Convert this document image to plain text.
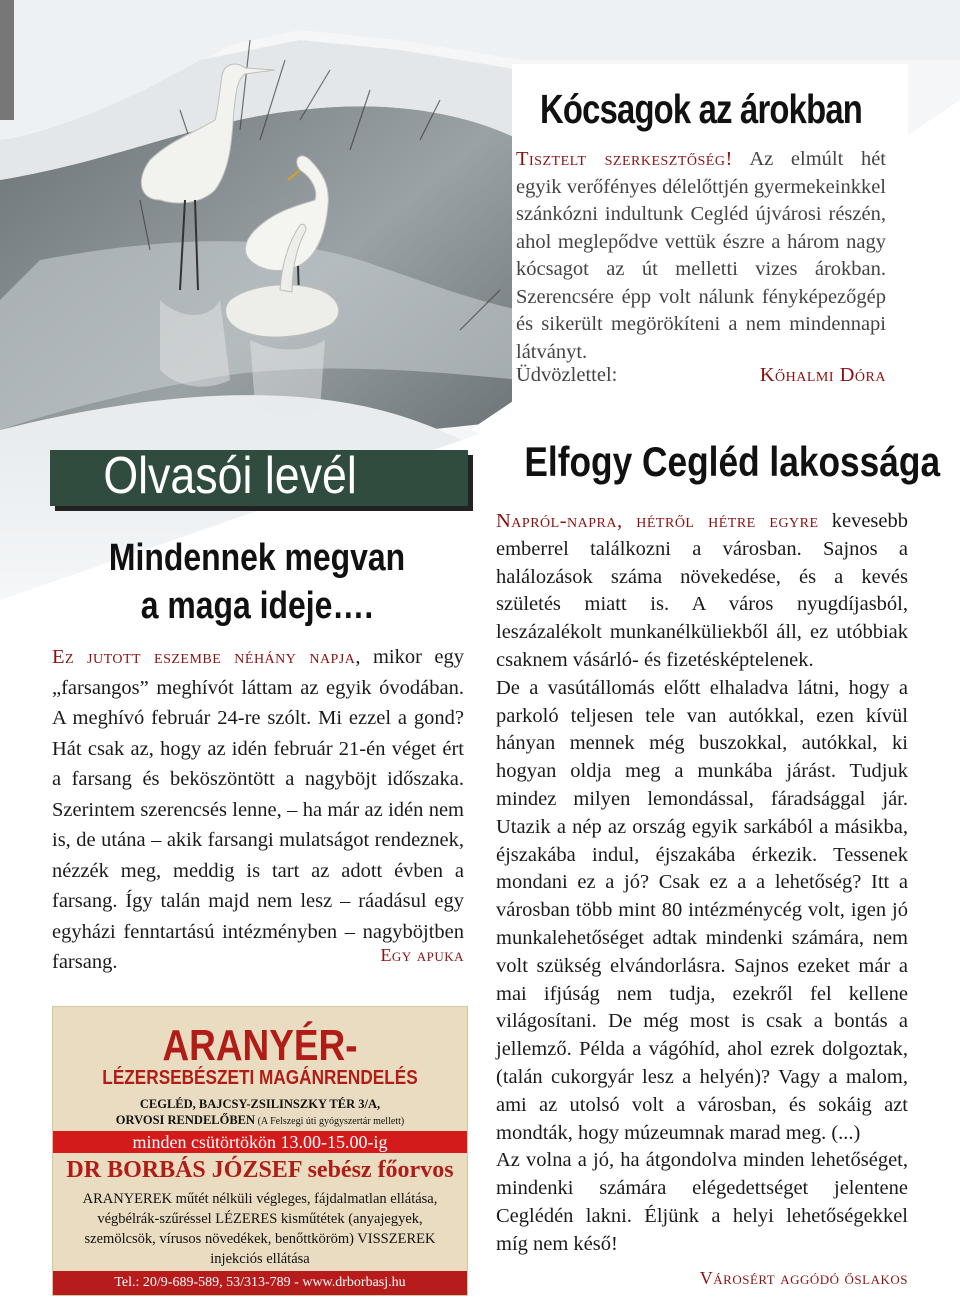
Kócsagok az árokban
Tisztelt szerkesztőség! Az elmúlt hét egyik verőfényes délelőttjén gyermekeinkkel szánkózni indultunk Cegléd újvárosi részén, ahol meglepődve vettük észre a három nagy kócsagot az út melletti vizes árokban. Szerencsére épp volt nálunk fényképezőgép és sikerült megörökíteni a nem mindennapi látványt.
Üdvözlettel:	Kőhalmi Dóra
Olvasói levél
Mindennek megvan
a maga ideje….
Ez jutott eszembe néhány napja, mikor egy „farsangos” meghívót láttam az egyik óvodában. A meghívó február 24-re szólt. Mi ezzel a gond? Hát csak az, hogy az idén február 21-én véget ért a farsang és beköszöntött a nagyböjt időszaka. Szerintem szerencsés lenne, – ha már az idén nem is, de utána – akik farsangi mulatságot rendeznek, nézzék meg, meddig is tart az adott évben a farsang. Így talán majd nem lesz – ráadásul egy egyházi fenntartású intézményben – nagyböjtben farsang.	Egy apuka
ARANYÉR-
LÉZERSEBÉSZETI MAGÁNRENDELÉS
CEGLÉD, BAJCSY-ZSILINSZKY TÉR 3/A,
ORVOSI RENDELŐBEN (A Felszegi úti gyógyszertár mellett)
minden csütörtökön 13.00-15.00-ig
DR BORBÁS JÓZSEF sebész főorvos
ARANYEREK műtét nélküli végleges, fájdalmatlan ellátása, végbélrák-szűréssel LÉZERES kisműtétek (anyajegyek, szemölcsök, vírusos növedékek, benőttköröm) VISSZEREK injekciós ellátása
Tel.: 20/9-689-589, 53/313-789 - www.drborbasj.hu
Elfogy Cegléd lakossága
Napról-napra, hétről hétre egyre kevesebb emberrel találkozni a városban. Sajnos a halálozások száma növekedése, és a kevés születés miatt is. A város nyugdíjasból, leszázalékolt munkanélküliekből áll, ez utóbbiak csaknem vásárló- és fizetésképtelenek.
De a vasútállomás előtt elhaladva látni, hogy a parkoló teljesen tele van autókkal, ezen kívül hányan mennek még buszokkal, autókkal, ki hogyan oldja meg a munkába járást. Tudjuk mindez milyen lemondással, fáradsággal jár. Utazik a nép az ország egyik sarkából a másikba, éjszakába indul, éjszakába érkezik. Tessenek mondani ez a jó? Csak ez a a lehetőség? Itt a városban több mint 80 intézménycég volt, igen jó munkalehetőséget adtak mindenki számára, nem volt szükség elvándorlásra. Sajnos ezeket már a mai ifjúság nem tudja, ezekről fel kellene világosítani. De még most is csak a bontás a jellemző. Példa a vágóhíd, ahol ezrek dolgoztak, (talán cukorgyár lesz a helyén)? Vagy a malom, ami az utolsó volt a városban, és sokáig azt mondták, hogy múzeumnak marad meg. (...)
Az volna a jó, ha átgondolva minden lehetőséget, mindenki számára elégedettséget jelentene Ceglédén lakni. Éljünk a helyi lehetőségekkel míg nem késő!
Városért aggódó őslakos
